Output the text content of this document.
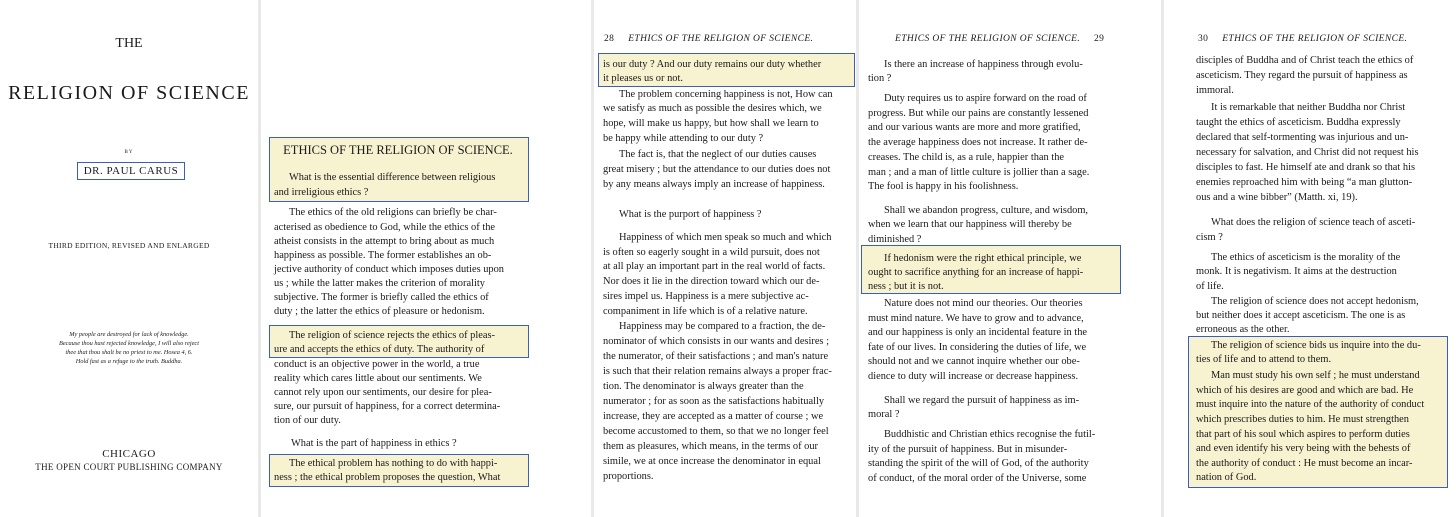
THE
RELIGION OF SCIENCE
BY
DR. PAUL CARUS
THIRD EDITION, REVISED AND ENLARGED
My people are destroyed for lack of knowledge.
Because thou hast rejected knowledge, I will also reject
thee that thou shalt be no priest to me. Hosea 4, 6.
Hold fast as a refuge to the truth. Buddha.
CHICAGO
THE OPEN COURT PUBLISHING COMPANY
ETHICS OF THE RELIGION OF SCIENCE.
What is the essential difference between religious
and irreligious ethics ?
The ethics of the old religions can briefly be char-
acterised as obedience to God, while the ethics of the
atheist consists in the attempt to bring about as much
happiness as possible. The former establishes an ob-
jective authority of conduct which imposes duties upon
us ; while the latter makes the criterion of morality
subjective. The former is briefly called the ethics of
duty ; the latter the ethics of pleasure or hedonism.
The religion of science rejects the ethics of pleas-
ure and accepts the ethics of duty. The authority of
conduct is an objective power in the world, a true
reality which cares little about our sentiments. We
cannot rely upon our sentiments, our desire for plea-
sure, our pursuit of happiness, for a correct determina-
tion of our duty.
What is the part of happiness in ethics ?
The ethical problem has nothing to do with happi-
ness ; the ethical problem proposes the question, What
28 ETHICS OF THE RELIGION OF SCIENCE.
is our duty ? And our duty remains our duty whether
it pleases us or not.
The problem concerning happiness is not, How can
we satisfy as much as possible the desires which, we
hope, will make us happy, but how shall we learn to
be happy while attending to our duty ?
The fact is, that the neglect of our duties causes
great misery ; but the attendance to our duties does not
by any means always imply an increase of happiness.
What is the purport of happiness ?
Happiness of which men speak so much and which
is often so eagerly sought in a wild pursuit, does not
at all play an important part in the real world of facts.
Nor does it lie in the direction toward which our de-
sires impel us. Happiness is a mere subjective ac-
companiment in life which is of a relative nature.
Happiness may be compared to a fraction, the de-
nominator of which consists in our wants and desires ;
the numerator, of their satisfactions ; and man's nature
is such that their relation remains always a proper frac-
tion. The denominator is always greater than the
numerator ; for as soon as the satisfactions habitually
increase, they are accepted as a matter of course ; we
become accustomed to them, so that we no longer feel
them as pleasures, which means, in the terms of our
simile, we at once increase the denominator in equal
proportions.
ETHICS OF THE RELIGION OF SCIENCE. 29
Is there an increase of happiness through evolu-
tion ?
Duty requires us to aspire forward on the road of
progress. But while our pains are constantly lessened
and our various wants are more and more gratified,
the average happiness does not increase. It rather de-
creases. The child is, as a rule, happier than the
man ; and a man of little culture is jollier than a sage.
The fool is happy in his foolishness.
Shall we abandon progress, culture, and wisdom,
when we learn that our happiness will thereby be
diminished ?
If hedonism were the right ethical principle, we
ought to sacrifice anything for an increase of happi-
ness ; but it is not.
Nature does not mind our theories. Our theories
must mind nature. We have to grow and to advance,
and our happiness is only an incidental feature in the
fate of our lives. In considering the duties of life, we
should not and we cannot inquire whether our obe-
dience to duty will increase or decrease happiness.
Shall we regard the pursuit of happiness as im-
moral ?
Buddhistic and Christian ethics recognise the futil-
ity of the pursuit of happiness. But in misunder-
standing the spirit of the will of God, of the authority
of conduct, of the moral order of the Universe, some
30 ETHICS OF THE RELIGION OF SCIENCE.
disciples of Buddha and of Christ teach the ethics of
asceticism. They regard the pursuit of happiness as
immoral.
It is remarkable that neither Buddha nor Christ
taught the ethics of asceticism. Buddha expressly
declared that self-tormenting was injurious and un-
necessary for salvation, and Christ did not request his
disciples to fast. He himself ate and drank so that his
enemies reproached him with being “a man glutton-
ous and a wine bibber” (Matth. xi, 19).
What does the religion of science teach of asceti-
cism ?
The ethics of asceticism is the morality of the
monk. It is negativism. It aims at the destruction
of life.
The religion of science does not accept hedonism,
but neither does it accept asceticism. The one is as
erroneous as the other.
The religion of science bids us inquire into the du-
ties of life and to attend to them.
Man must study his own self ; he must understand
which of his desires are good and which are bad. He
must inquire into the nature of the authority of conduct
which prescribes duties to him. He must strengthen
that part of his soul which aspires to perform duties
and even identify his very being with the behests of
the authority of conduct : He must become an incar-
nation of God.
